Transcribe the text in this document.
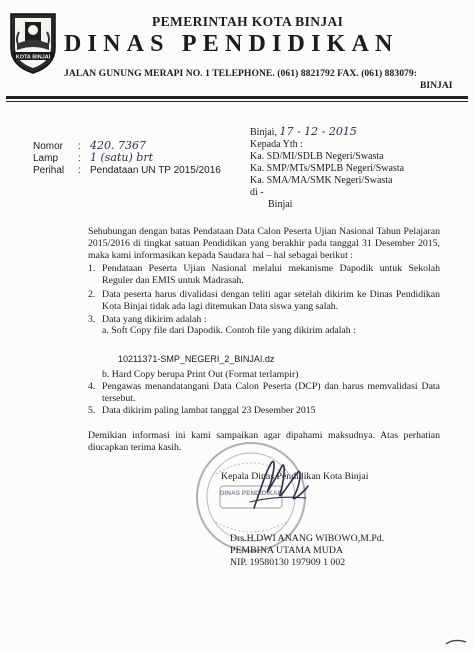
KOTA BINJAI
PEMERINTAH KOTA BINJAI
DINAS PENDIDIKAN
JALAN GUNUNG MERAPI NO. 1 TELEPHONE. (061) 8821792 FAX. (061) 883079:
BINJAI
Nomor : 420. 7367
Lamp : 1 (satu) brt
Perihal : Pendataan UN TP 2015/2016
Binjai, 17 - 12 - 2015
Kepada Yth :
Ka. SD/MI/SDLB Negeri/Swasta
Ka. SMP/MTs/SMPLB Negeri/Swasta
Ka. SMA/MA/SMK Negeri/Swasta
di -
Binjai
Sehubungan dengan batas Pendataan Data Calon Peserta Ujian Nasional Tahun Pelajaran 2015/2016 di tingkat satuan Pendidikan yang berakhir pada tanggal 31 Desember 2015, maka kami informasikan kepada Saudara hal – hal sebagai berikut :
1. Pendataan Peserta Ujian Nasional melalui mekanisme Dapodik untuk Sekolah Reguler dan EMIS untuk Madrasah.
2. Data peserta harus divalidasi dengan teliti agar setelah dikirim ke Dinas Pendidikan Kota Binjai tidak ada lagi ditemukan Data siswa yang salah.
3. Data yang dikirim adalah :
a. Soft Copy file dari Dapodik. Contoh file yang dikirim adalah :
10211371-SMP_NEGERI_2_BINJAI.dz
b. Hard Copy berupa Print Out (Format terlampir)
4. Pengawas menandatangani Data Calon Peserta (DCP) dan harus memvalidasi Data tersebut.
5. Data dikirim paling lambat tanggal 23 Desember 2015
Demikian informasi ini kami sampaikan agar dipahami maksudnya. Atas perhatian diucapkan terima kasih.
Kepala Dinas Pendidikan Kota Binjai
DINAS PENDIDIKAN
Drs.H.DWI ANANG WIBOWO,M.Pd.
PEMBINA UTAMA MUDA
NIP. 19580130 197909 1 002
